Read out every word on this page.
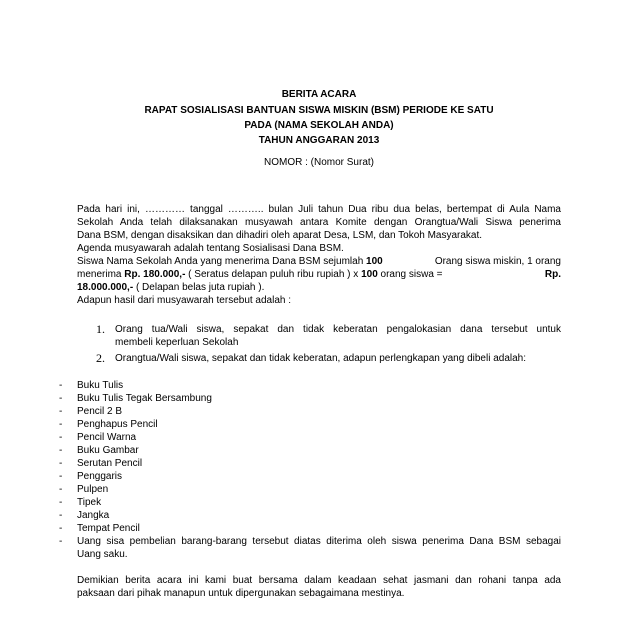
BERITA ACARA
RAPAT SOSIALISASI BANTUAN SISWA MISKIN (BSM) PERIODE KE SATU
PADA (NAMA SEKOLAH ANDA)
TAHUN ANGGARAN 2013
NOMOR : (Nomor Surat)
Pada hari ini, ………… tanggal ……….. bulan Juli tahun Dua ribu dua belas, bertempat di Aula Nama
Sekolah Anda telah dilaksanakan musyawah antara Komite dengan Orangtua/Wali Siswa penerima
Dana BSM, dengan disaksikan dan dihadiri oleh aparat Desa, LSM, dan Tokoh Masyarakat.
Agenda musyawarah adalah tentang Sosialisasi Dana BSM.
Siswa Nama Sekolah Anda yang menerima Dana BSM sejumlah 100	Orang siswa miskin, 1 orang
menerima Rp. 180.000,- ( Seratus delapan puluh ribu rupiah ) x 100 orang siswa =	Rp.
18.000.000,- ( Delapan belas juta rupiah ).
Adapun hasil dari musyawarah tersebut adalah :
1. Orang tua/Wali siswa, sepakat dan tidak keberatan pengalokasian dana tersebut untuk
membeli keperluan Sekolah
2. Orangtua/Wali siswa, sepakat dan tidak keberatan, adapun perlengkapan yang dibeli adalah:
- Buku Tulis
- Buku Tulis Tegak Bersambung
- Pencil 2 B
- Penghapus Pencil
- Pencil Warna
- Buku Gambar
- Serutan Pencil
- Penggaris
- Pulpen
- Tipek
- Jangka
- Tempat Pencil
- Uang sisa pembelian barang-barang tersebut diatas diterima oleh siswa penerima Dana BSM sebagai
Uang saku.
Demikian berita acara ini kami buat bersama dalam keadaan sehat jasmani dan rohani tanpa ada
paksaan dari pihak manapun untuk dipergunakan sebagaimana mestinya.
